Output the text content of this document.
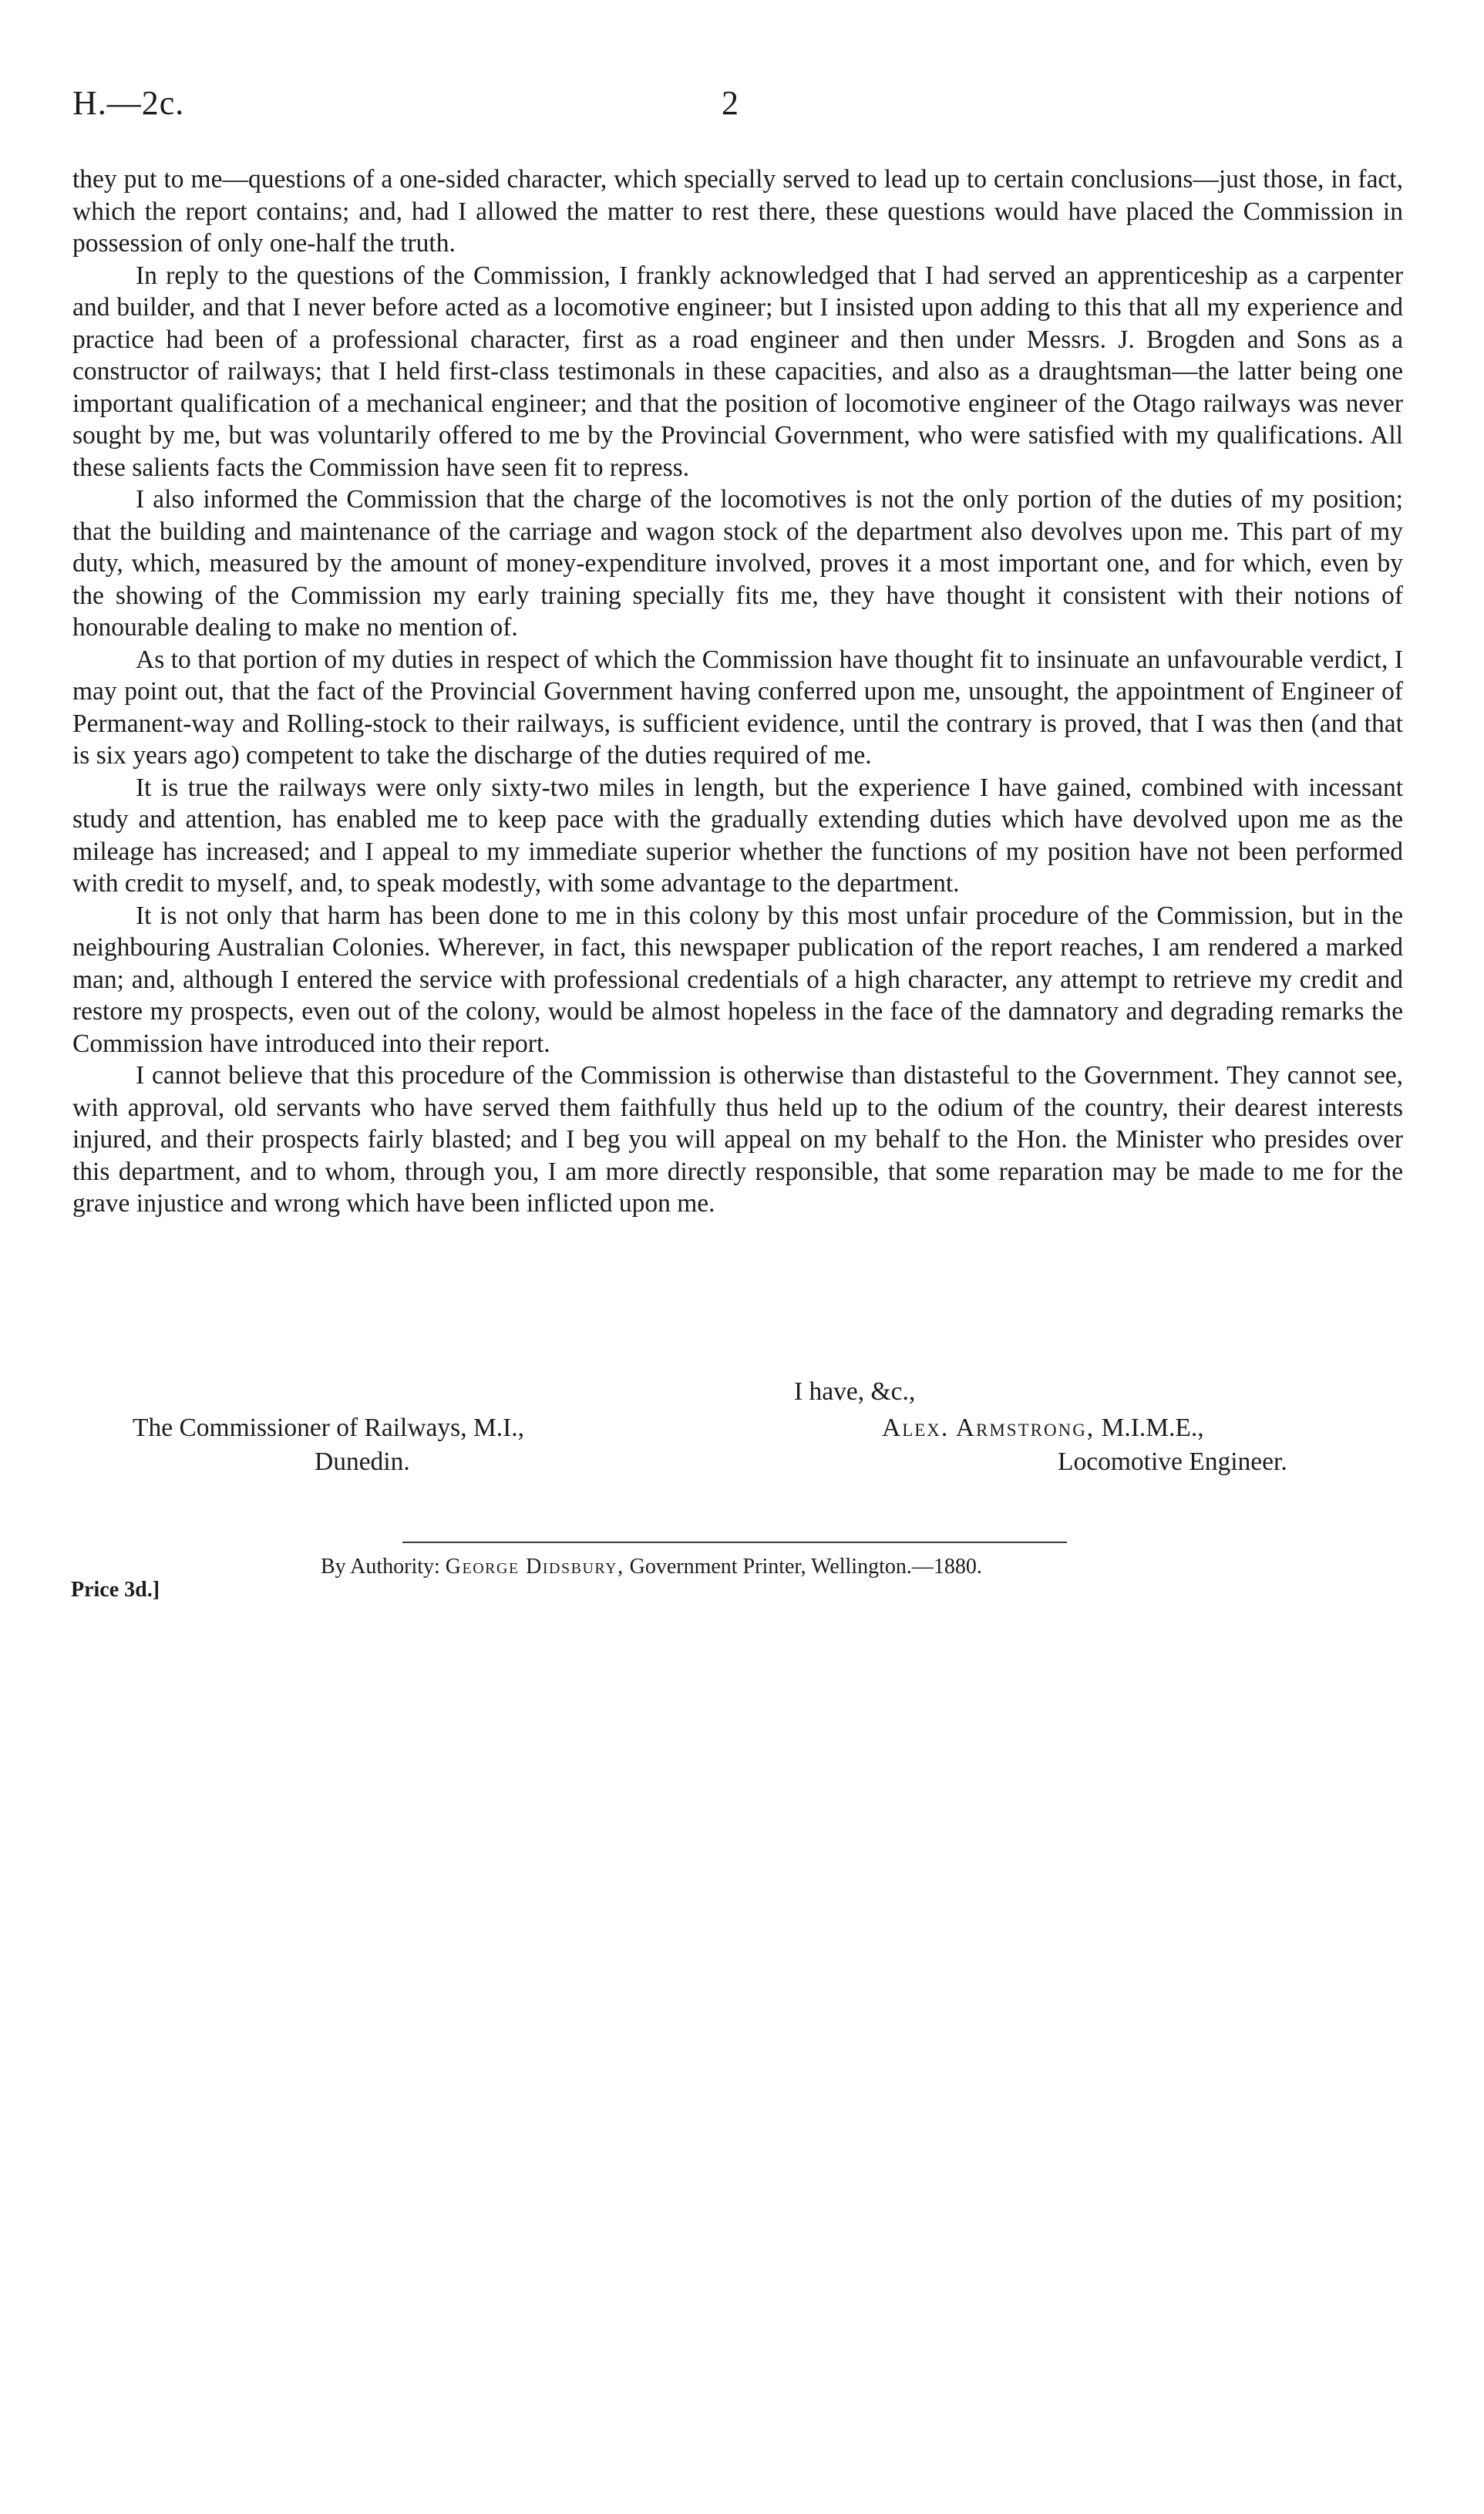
H.—2c.	2

they put to me—questions of a one-sided character, which specially served to lead up to certain conclusions—just those, in fact, which the report contains; and, had I allowed the matter to rest there, these questions would have placed the Commission in possession of only one-half the truth.

In reply to the questions of the Commission, I frankly acknowledged that I had served an apprenticeship as a carpenter and builder, and that I never before acted as a locomotive engineer; but I insisted upon adding to this that all my experience and practice had been of a professional character, first as a road engineer and then under Messrs. J. Brogden and Sons as a constructor of railways; that I held first-class testimonals in these capacities, and also as a draughtsman—the latter being one important qualification of a mechanical engineer; and that the position of locomotive engineer of the Otago railways was never sought by me, but was voluntarily offered to me by the Provincial Government, who were satisfied with my qualifications. All these salients facts the Commission have seen fit to repress.

I also informed the Commission that the charge of the locomotives is not the only portion of the duties of my position; that the building and maintenance of the carriage and wagon stock of the department also devolves upon me. This part of my duty, which, measured by the amount of money-expenditure involved, proves it a most important one, and for which, even by the showing of the Commission my early training specially fits me, they have thought it consistent with their notions of honourable dealing to make no mention of.

As to that portion of my duties in respect of which the Commission have thought fit to insinuate an unfavourable verdict, I may point out, that the fact of the Provincial Government having conferred upon me, unsought, the appointment of Engineer of Permanent-way and Rolling-stock to their railways, is sufficient evidence, until the contrary is proved, that I was then (and that is six years ago) competent to take the discharge of the duties required of me.

It is true the railways were only sixty-two miles in length, but the experience I have gained, combined with incessant study and attention, has enabled me to keep pace with the gradually extending duties which have devolved upon me as the mileage has increased; and I appeal to my immediate superior whether the functions of my position have not been performed with credit to myself, and, to speak modestly, with some advantage to the department.

It is not only that harm has been done to me in this colony by this most unfair procedure of the Commission, but in the neighbouring Australian Colonies. Wherever, in fact, this newspaper publication of the report reaches, I am rendered a marked man; and, although I entered the service with professional credentials of a high character, any attempt to retrieve my credit and restore my prospects, even out of the colony, would be almost hopeless in the face of the damnatory and degrading remarks the Commission have introduced into their report.

I cannot believe that this procedure of the Commission is otherwise than distasteful to the Government. They cannot see, with approval, old servants who have served them faithfully thus held up to the odium of the country, their dearest interests injured, and their prospects fairly blasted; and I beg you will appeal on my behalf to the Hon. the Minister who presides over this department, and to whom, through you, I am more directly responsible, that some reparation may be made to me for the grave injustice and wrong which have been inflicted upon me.

I have, &c.,
The Commissioner of Railways, M.I.,
Dunedin.
Alex. Armstrong, M.I.M.E.,
Locomotive Engineer.
By Authority: George Didsbury, Government Printer, Wellington.—1880.
Price 3d.]
